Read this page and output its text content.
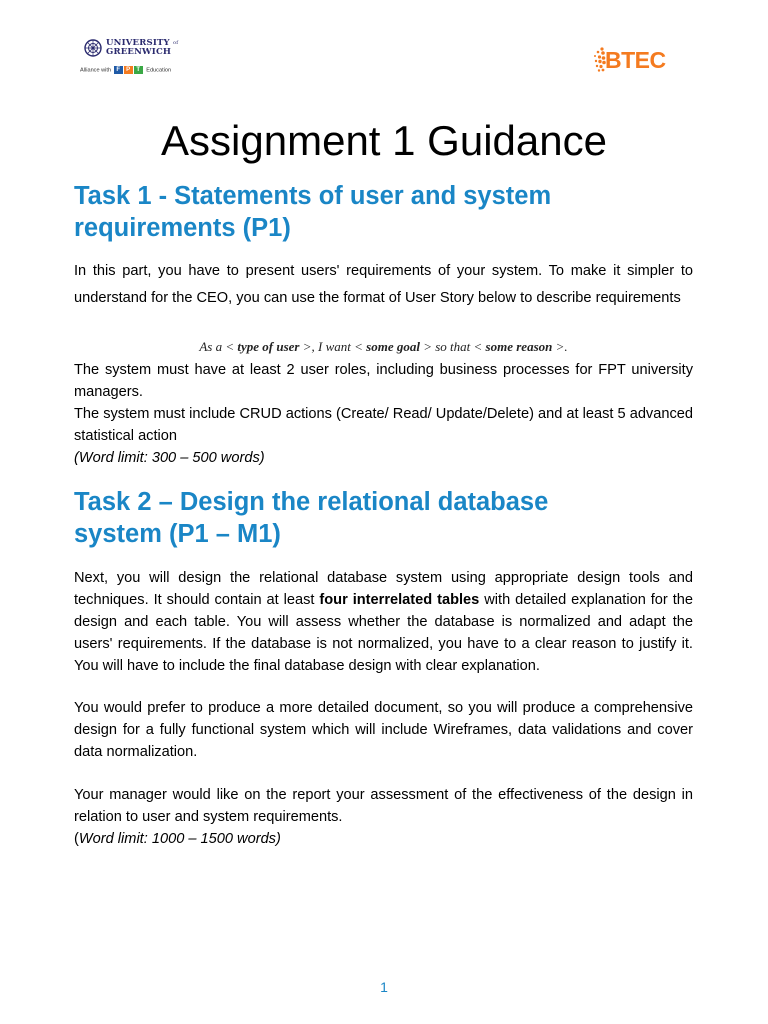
UNIVERSITY $^{of}$
GREENWICH
Alliance with F P T Education	BTEC
Assignment 1 Guidance
Task 1 - Statements of user and system
requirements (P1)
In this part, you have to present users' requirements of your system. To make it simpler to understand for the CEO, you can use the format of User Story below to describe requirements
As a < type of user >, I want < some goal > so that < some reason >.
The system must have at least 2 user roles, including business processes for FPT university managers.
The system must include CRUD actions (Create/ Read/ Update/Delete) and at least 5 advanced statistical action
(Word limit: 300 – 500 words)
Task 2 – Design the relational database
system (P1 – M1)
Next, you will design the relational database system using appropriate design tools and techniques. It should contain at least four interrelated tables with detailed explanation for the design and each table. You will assess whether the database is normalized and adapt the users' requirements. If the database is not normalized, you have to a clear reason to justify it. You will have to include the final database design with clear explanation.
You would prefer to produce a more detailed document, so you will produce a comprehensive design for a fully functional system which will include Wireframes, data validations and cover data normalization.
Your manager would like on the report your assessment of the effectiveness of the design in relation to user and system requirements.
(Word limit: 1000 – 1500 words)
1
